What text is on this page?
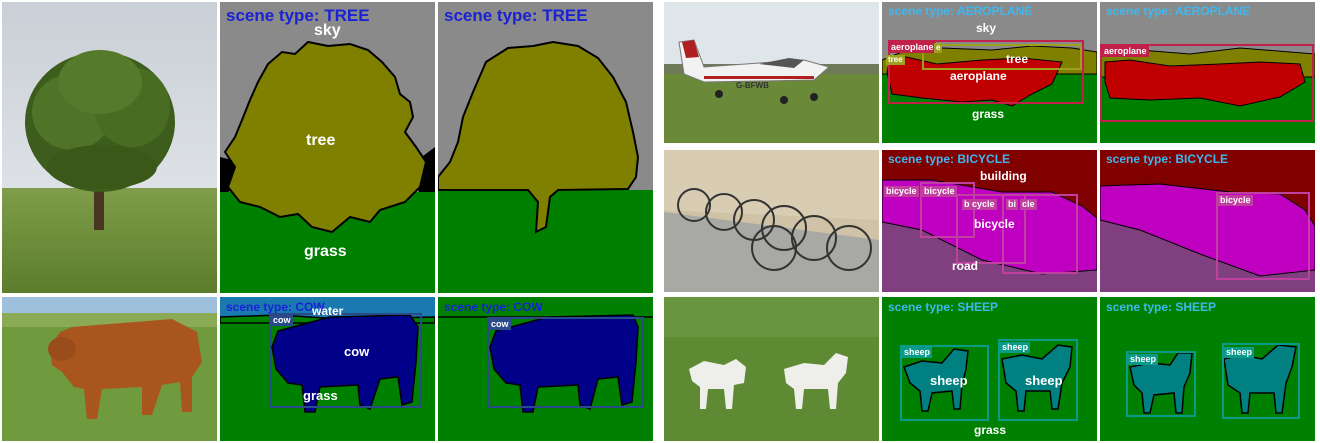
scene type: TREE
sky
tree
grass
scene type: TREE
cow
scene type: COW
water
cow
grass
cow
scene type: COW
G-BFWB
aeroplane
tree
e
scene type: AEROPLANE
sky
tree
aeroplane
grass
aeroplane
scene type: AEROPLANE
bicycle bicycle
b cycle bi cle
scene type: BICYCLE
building
bicycle
road
bicycle
scene type: BICYCLE
sheep	sheep
scene type: SHEEP
sheep	sheep
grass
sheep
sheep
scene type: SHEEP
